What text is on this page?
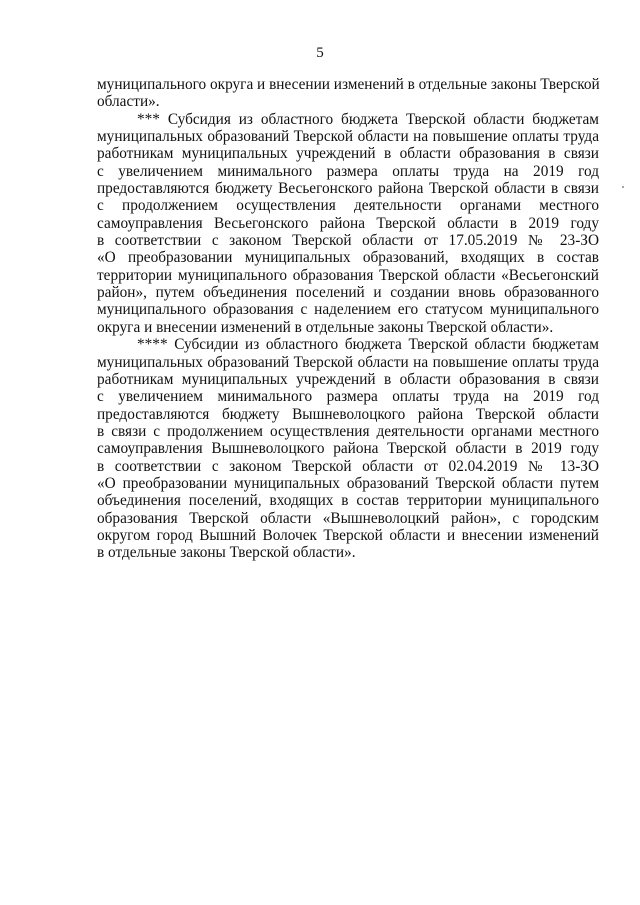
5
муниципального округа и внесении изменений в отдельные законы Тверской
области».
*** Субсидия из областного бюджета Тверской области бюджетам
муниципальных образований Тверской области на повышение оплаты труда
работникам муниципальных учреждений в области образования в связи
с увеличением минимального размера оплаты труда на 2019 год
предоставляются бюджету Весьегонского района Тверской области в связи
с продолжением осуществления деятельности органами местного
самоуправления Весьегонского района Тверской области в 2019 году
в соответствии с законом Тверской области от 17.05.2019 № 23-ЗО
«О преобразовании муниципальных образований, входящих в состав
территории муниципального образования Тверской области «Весьегонский
район», путем объединения поселений и создании вновь образованного
муниципального образования с наделением его статусом муниципального
округа и внесении изменений в отдельные законы Тверской области».
**** Субсидии из областного бюджета Тверской области бюджетам
муниципальных образований Тверской области на повышение оплаты труда
работникам муниципальных учреждений в области образования в связи
с увеличением минимального размера оплаты труда на 2019 год
предоставляются бюджету Вышневолоцкого района Тверской области
в связи с продолжением осуществления деятельности органами местного
самоуправления Вышневолоцкого района Тверской области в 2019 году
в соответствии с законом Тверской области от 02.04.2019 № 13-ЗО
«О преобразовании муниципальных образований Тверской области путем
объединения поселений, входящих в состав территории муниципального
образования Тверской области «Вышневолоцкий район», с городским
округом город Вышний Волочек Тверской области и внесении изменений
в отдельные законы Тверской области».
